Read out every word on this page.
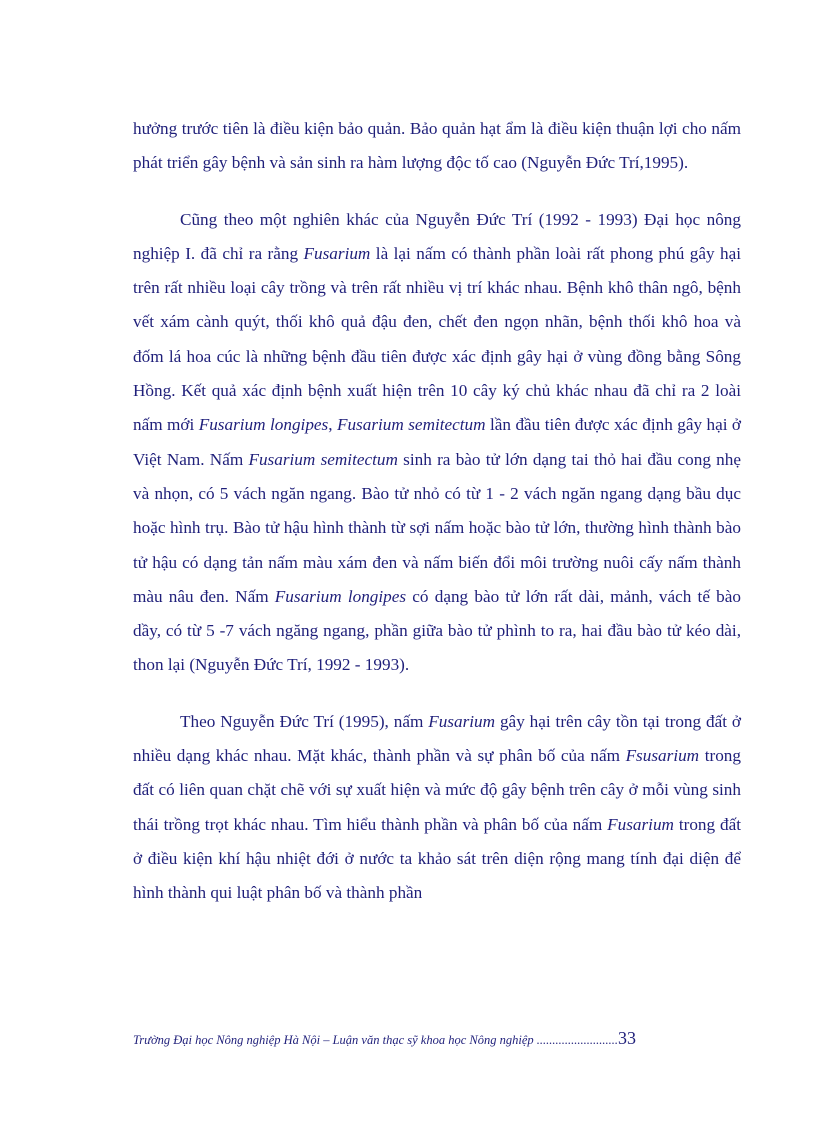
hưởng trước tiên là điều kiện bảo quản. Bảo quản hạt ẩm là điều kiện thuận lợi cho nấm phát triển gây bệnh và sản sinh ra hàm lượng độc tố cao (Nguyễn Đức Trí,1995).

Cũng theo một nghiên khác của Nguyễn Đức Trí (1992 - 1993) Đại học nông nghiệp I. đã chỉ ra rằng Fusarium là lại nấm có thành phần loài rất phong phú gây hại trên rất nhiều loại cây trồng và trên rất nhiều vị trí khác nhau. Bệnh khô thân ngô, bệnh vết xám cành quýt, thối khô quả đậu đen, chết đen ngọn nhãn, bệnh thối khô hoa và đốm lá hoa cúc là những bệnh đầu tiên được xác định gây hại ở vùng đồng bằng Sông Hồng. Kết quả xác định bệnh xuất hiện trên 10 cây ký chủ khác nhau đã chỉ ra 2 loài nấm mới Fusarium longipes, Fusarium semitectum lần đầu tiên được xác định gây hại ở Việt Nam. Nấm Fusarium semitectum sinh ra bào tử lớn dạng tai thỏ hai đầu cong nhẹ và nhọn, có 5 vách ngăn ngang. Bào tử nhỏ có từ 1 - 2 vách ngăn ngang dạng bầu dục hoặc hình trụ. Bào tử hậu hình thành từ sợi nấm hoặc bào tử lớn, thường hình thành bào tử hậu có dạng tản nấm màu xám đen và nấm biến đổi môi trường nuôi cấy nấm thành màu nâu đen. Nấm Fusarium longipes có dạng bào tử lớn rất dài, mảnh, vách tế bào dầy, có từ 5 -7 vách ngăng ngang, phần giữa bào tử phình to ra, hai đầu bào tử kéo dài, thon lại (Nguyễn Đức Trí, 1992 - 1993).

Theo Nguyễn Đức Trí (1995), nấm Fusarium gây hại trên cây tồn tại trong đất ở nhiều dạng khác nhau. Mặt khác, thành phần và sự phân bố của nấm Fsusarium trong đất có liên quan chặt chẽ với sự xuất hiện và mức độ gây bệnh trên cây ở mỗi vùng sinh thái trồng trọt khác nhau. Tìm hiểu thành phần và phân bố của nấm Fusarium trong đất ở điều kiện khí hậu nhiệt đới ở nước ta khảo sát trên diện rộng mang tính đại diện để hình thành qui luật phân bố và thành phần

Trường Đại học Nông nghiệp Hà Nội – Luận văn thạc sỹ khoa học Nông nghiệp ..........................33
